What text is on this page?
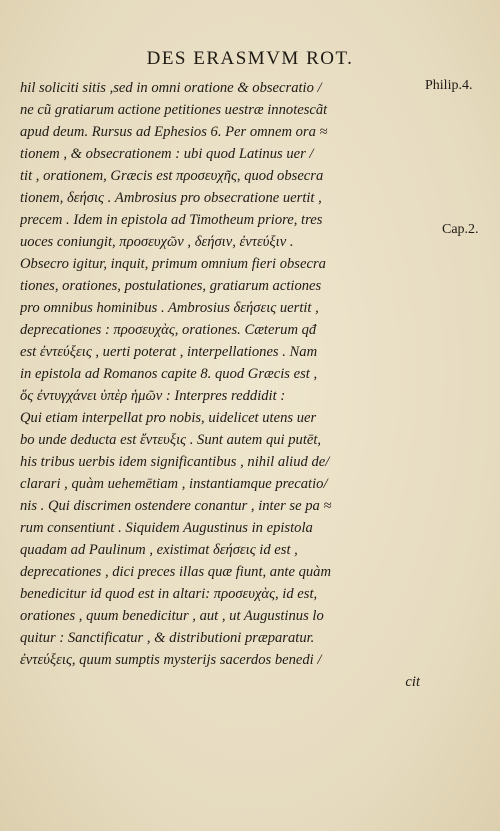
DES ERASMVM ROT.
hil soliciti sitis ,sed in omni oratione & obsecratio /
ne cũ gratiarum actione petitiones uestræ innotescãt
apud deum. Rursus ad Ephesios 6. Per omnem ora ≈
tionem , & obsecrationem : ubi quod Latinus uer /
tit , orationem, Græcis est προσευχῆς, quod obsecra
tionem, δεήσις . Ambrosius pro obsecratione uertit ,
precem . Idem in epistola ad Timotheum priore, tres
uoces coniungit, προσευχῶν , δεήσιν, ἐντεύξιν .
Obsecro igitur, inquit, primum omnium fieri obsecra
tiones, orationes, postulationes, gratiarum actiones
pro omnibus hominibus . Ambrosius δεήσεις uertit ,
deprecationes : προσευχὰς, orationes. Cæterum qđ
est ἐντεύξεις , uerti poterat , interpellationes . Nam
in epistola ad Romanos capite 8. quod Græcis est ,
ὅς ἐντυγχάνει ὑπὲρ ἡμῶν : Interpres reddidit :
Qui etiam interpellat pro nobis, uidelicet utens uer
bo unde deducta est ἔντευξις . Sunt autem qui putēt,
his tribus uerbis idem significantibus , nihil aliud de/
clarari , quàm uehemētiam , instantiamque precatio/
nis . Qui discrimen ostendere conantur , inter se pa ≈
rum consentiunt . Siquidem Augustinus in epistola
quadam ad Paulinum , existimat δεήσεις id est ,
deprecationes , dici preces illas quæ fiunt, ante quàm
benedicitur id quod est in altari: προσευχὰς, id est,
orationes , quum benedicitur , aut , ut Augustinus lo
quitur : Sanctificatur , & distributioni præparatur.
ἐντεύξεις, quum sumptis mysterijs sacerdos benedi /
cit
Philip.4.
Cap.2.
